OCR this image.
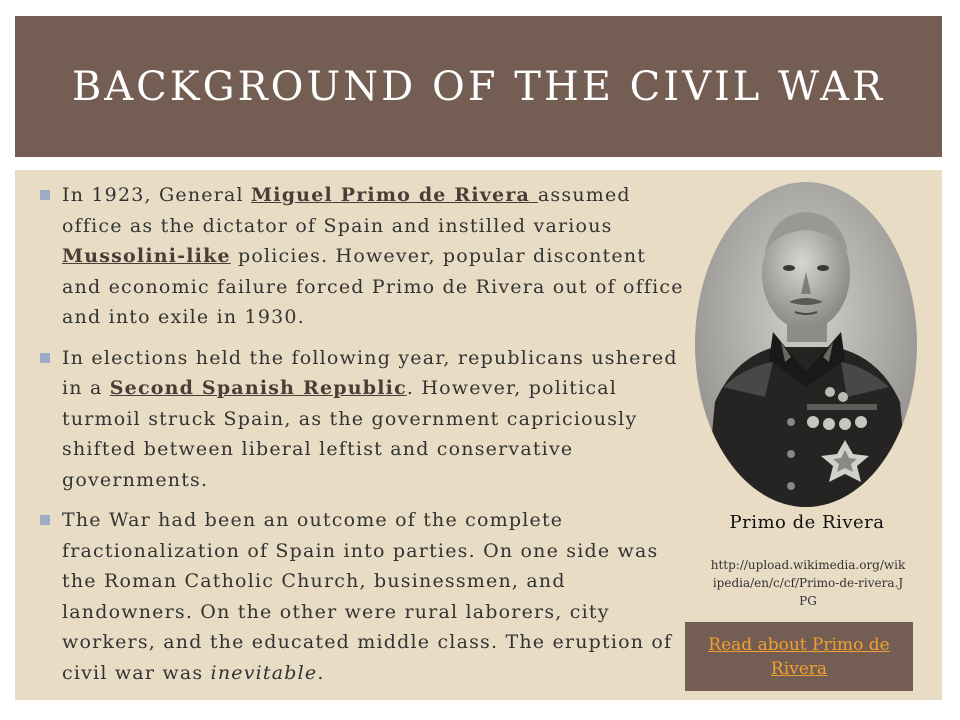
BACKGROUND OF THE CIVIL WAR
In 1923, General Miguel Primo de Rivera assumed office as the dictator of Spain and instilled various Mussolini-like policies. However, popular discontent and economic failure forced Primo de Rivera out of office and into exile in 1930.
In elections held the following year, republicans ushered in a Second Spanish Republic. However, political turmoil struck Spain, as the government capriciously shifted between liberal leftist and conservative governments.
The War had been an outcome of the complete fractionalization of Spain into parties. On one side was the Roman Catholic Church, businessmen, and landowners. On the other were rural laborers, city workers, and the educated middle class. The eruption of civil war was inevitable.
Primo de Rivera
http://upload.wikimedia.org/wikipedia/en/c/cf/Primo-de-rivera.JPG
Read about Primo de Rivera
